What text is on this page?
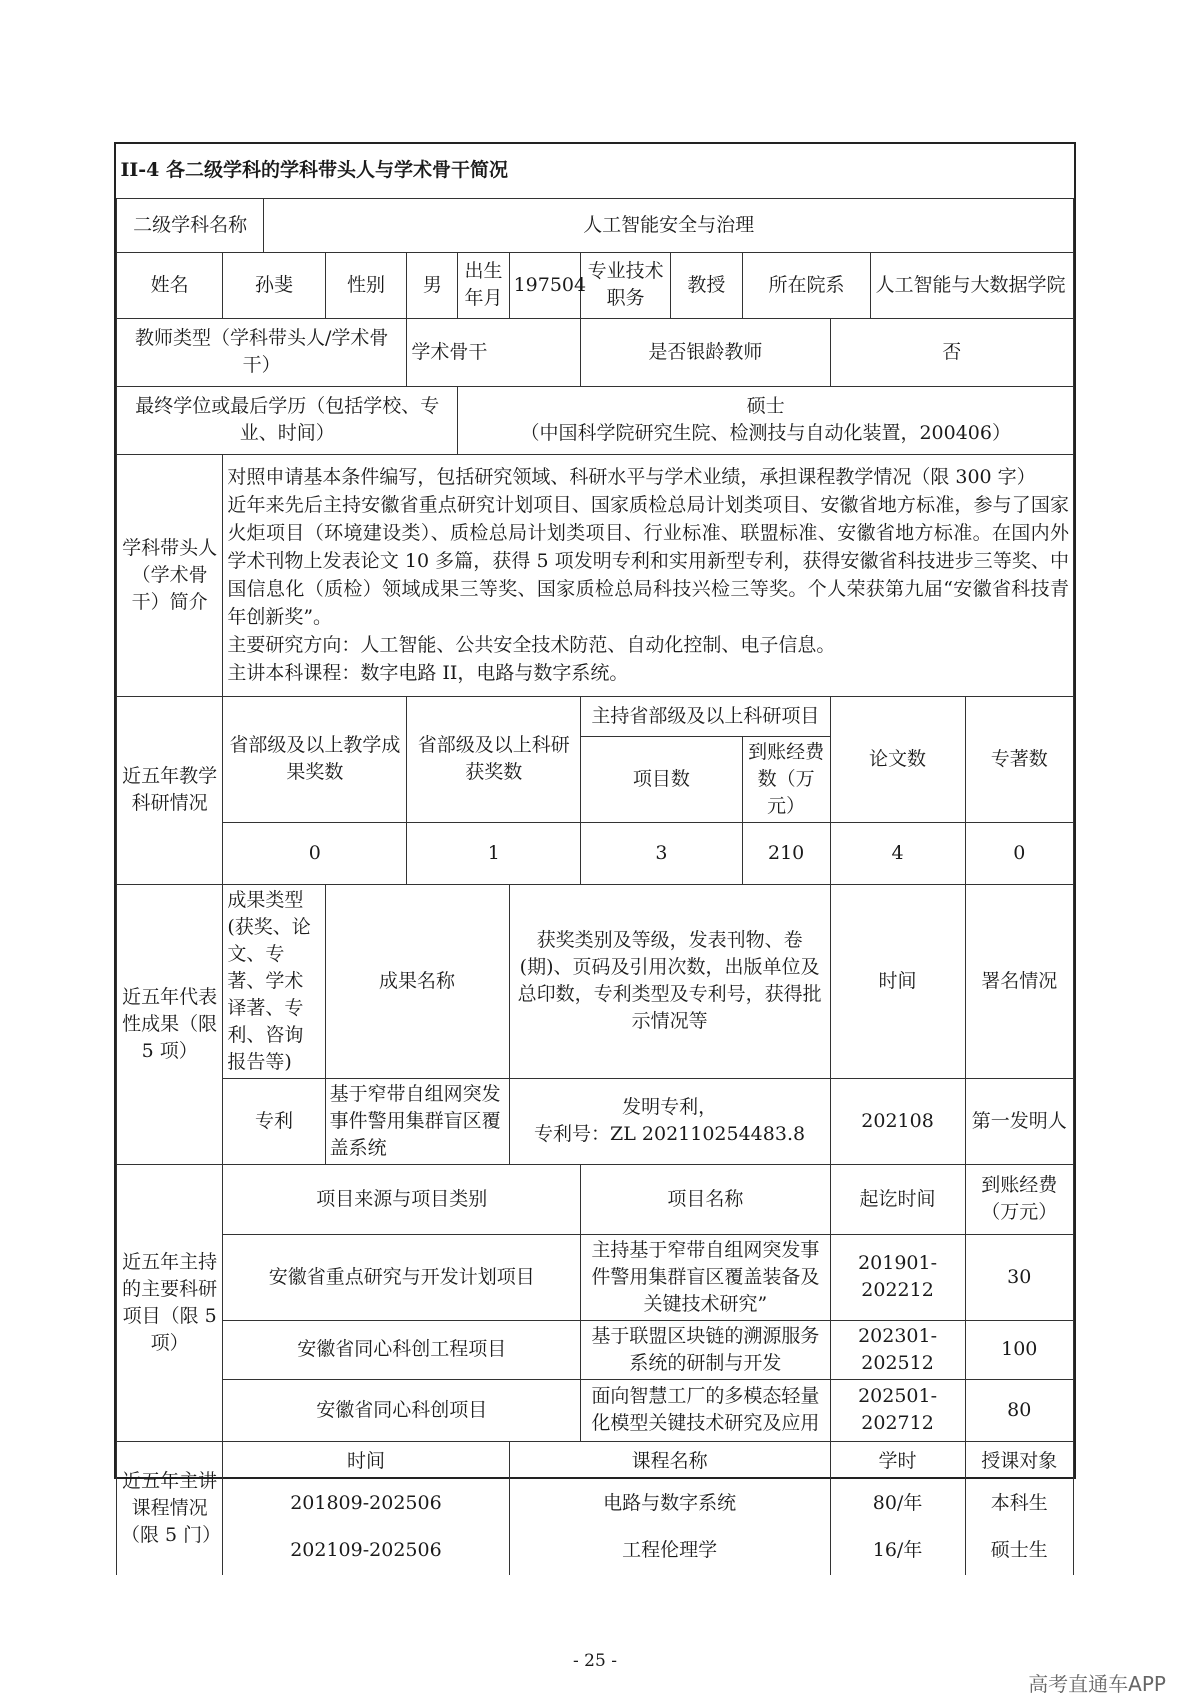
II-4 各二级学科的学科带头人与学术骨干简况												
二级学科名称		人工智能安全与治理										
姓名	孙斐		性别	男	出生年月	197504	专业技术职务	教授	所在院系		人工智能与大数据学院	
教师类型（学科带头人/学术骨干）				学术骨干			是否银龄教师			否		
最终学位或最后学历（包括学校、专业、时间）					硕士
（中国科学院研究生院、检测技与自动化装置，200406）							

学科带头人（学术骨干）简介	对照申请基本条件编写，包括研究领域、科研水平与学术业绩，承担课程教学情况（限 300 字）
近年来先后主持安徽省重点研究计划项目、国家质检总局计划类项目、安徽省地方标准，参与了国家火炬项目（环境建设类）、质检总局计划类项目、行业标准、联盟标准、安徽省地方标准。在国内外学术刊物上发表论文 10 多篇，获得 5 项发明专利和实用新型专利，获得安徽省科技进步三等奖、中国信息化（质检）领域成果三等奖、国家质检总局科技兴检三等奖。个人荣获第九届“安徽省科技青年创新奖”。
主要研究方向：人工智能、公共安全技术防范、自动化控制、电子信息。
主讲本科课程：数字电路 II，电路与数字系统。											

近五年教学科研情况	省部级及以上教学成果奖数			省部级及以上科研获奖数			主持省部级及以上科研项目			论文数		专著数
							项目数		到账经费数（万元）			
	0			1			3		210	4		0
近五年代表性成果（限 5 项）	成果类型(获奖、论文、专著、学术译著、专利、咨询报告等)		成果名称			获奖类别及等级，发表刊物、卷(期)、页码及引用次数，出版单位及总印数，专利类型及专利号，获得批示情况等				时间		署名情况
	专利		基于窄带自组网突发事件警用集群盲区覆盖系统			发明专利，
专利号：ZL 202110254483.8				202108		第一发明人
近五年主持的主要科研项目（限 5 项）	项目来源与项目类别						项目名称			起讫时间		到账经费（万元）
	安徽省重点研究与开发计划项目						主持基于窄带自组网突发事件警用集群盲区覆盖装备及关键技术研究”			201901-202212		30
	安徽省同心科创工程项目						基于联盟区块链的溯源服务系统的研制与开发			202301-202512		100
	安徽省同心科创项目						面向智慧工厂的多模态轻量化模型关键技术研究及应用			202501-202712		80
近五年主讲课程情况（限 5 门）	时间					课程名称				学时		授课对象
	201809-202506					电路与数字系统				80/年		本科生
	202109-202506					工程伦理学				16/年		硕士生
- 25 -
高考直通车APP
